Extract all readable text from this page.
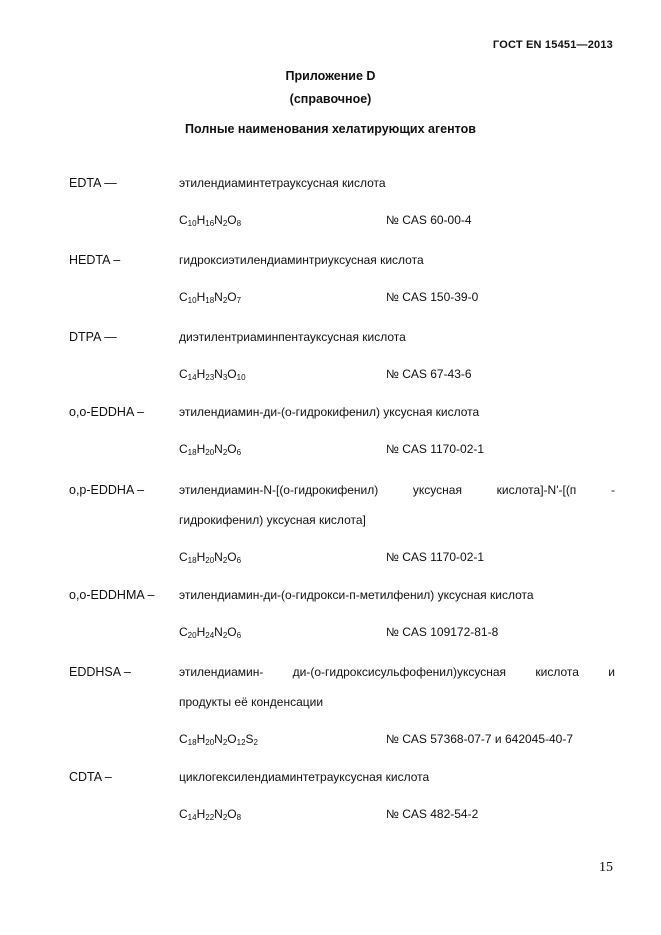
ГОСТ EN 15451—2013
Приложение D
(справочное)
Полные наименования хелатирующих агентов
EDTA —	этилендиаминтетрауксусная кислота
$C_{10}H_{16}N_2O_8$	№ CAS 60-00-4
HEDTA –	гидроксиэтилендиаминтриуксусная кислота
$C_{10}H_{18}N_2O_7$	№ CAS 150-39-0
DTPA —	диэтилентриаминпентауксусная кислота
$C_{14}H_{23}N_3O_{10}$	№ CAS 67-43-6
o,o-EDDHA –	этилендиамин-ди-(о-гидрокифенил) уксусная кислота
$C_{18}H_{20}N_2O_6$	№ CAS 1170-02-1
o,p-EDDHA –	этилендиамин-N-[(о-гидрокифенил) уксусная кислота]-N'-[(п -
гидрокифенил) уксусная кислота]
$C_{18}H_{20}N_2O_6$	№ CAS 1170-02-1
o,o-EDDHMA – этилендиамин-ди-(о-гидрокси-п-метилфенил) уксусная кислота
$C_{20}H_{24}N_2O_6$	№ CAS 109172-81-8
EDDHSA –	этилендиамин- ди-(о-гидроксисульфофенил)уксусная кислота и
продукты её конденсации
$C_{18}H_{20}N_2O_{12}S_2$	№ CAS 57368-07-7 и 642045-40-7
CDTA –	циклогексилендиаминтетрауксусная кислота
$C_{14}H_{22}N_2O_8$	№ CAS 482-54-2
15
